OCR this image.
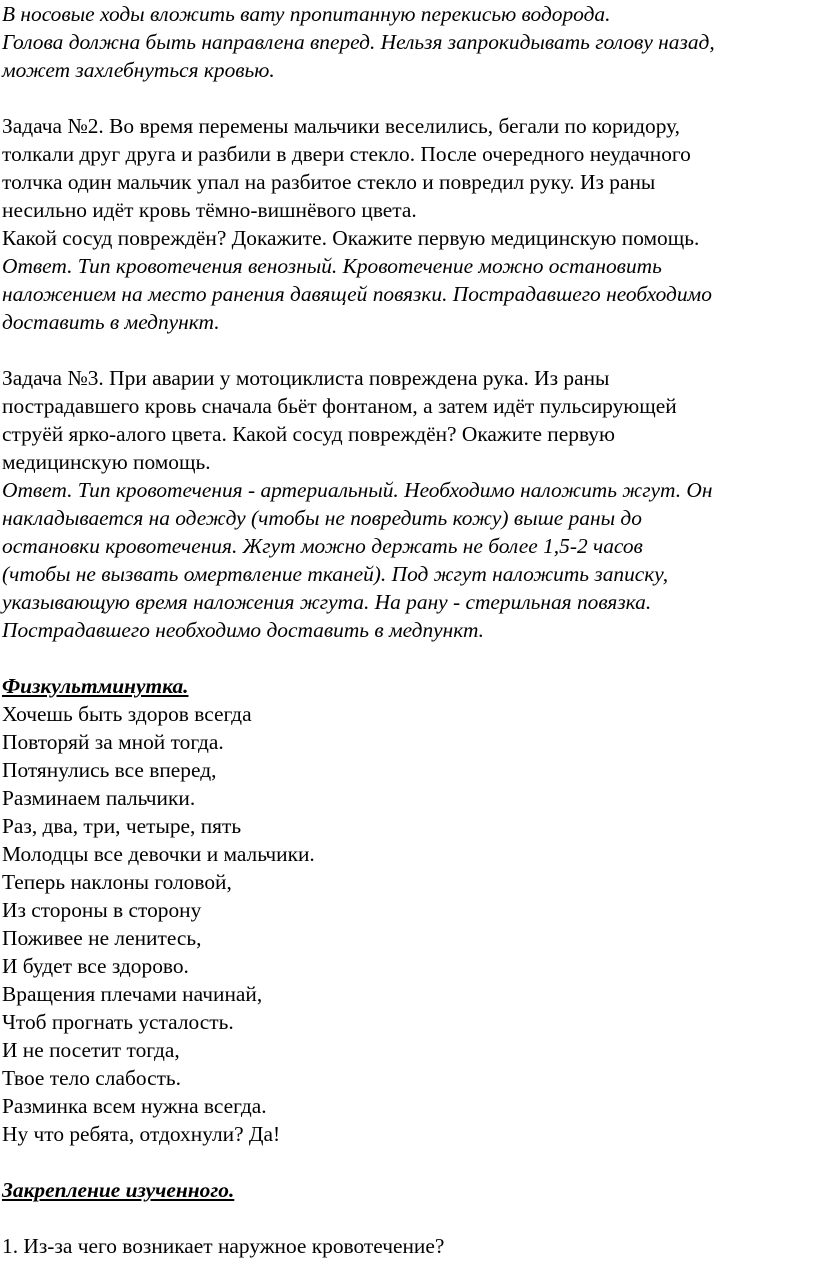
В носовые ходы вложить вату пропитанную перекисью водорода.
Голова должна быть направлена вперед. Нельзя запрокидывать голову назад,
может захлебнуться кровью.
Задача №2. Во время перемены мальчики веселились, бегали по коридору,
толкали друг друга и разбили в двери стекло. После очередного неудачного
толчка один мальчик упал на разбитое стекло и повредил руку. Из раны
несильно идёт кровь тёмно-вишнёвого цвета.
Какой сосуд повреждён? Докажите. Окажите первую медицинскую помощь.
Ответ. Тип кровотечения венозный. Кровотечение можно остановить
наложением на место ранения давящей повязки. Пострадавшего необходимо
доставить в медпункт.
Задача №3. При аварии у мотоциклиста повреждена рука. Из раны
пострадавшего кровь сначала бьёт фонтаном, а затем идёт пульсирующей
струёй ярко-алого цвета. Какой сосуд повреждён? Окажите первую
медицинскую помощь.
Ответ. Тип кровотечения - артериальный. Необходимо наложить жгут. Он
накладывается на одежду (чтобы не повредить кожу) выше раны до
остановки кровотечения. Жгут можно держать не более 1,5-2 часов
(чтобы не вызвать омертвление тканей). Под жгут наложить записку,
указывающую время наложения жгута. На рану - стерильная повязка.
Пострадавшего необходимо доставить в медпункт.
Физкультминутка.
Хочешь быть здоров всегда
Повторяй за мной тогда.
Потянулись все вперед,
Разминаем пальчики.
Раз, два, три, четыре, пять
Молодцы все девочки и мальчики.
Теперь наклоны головой,
Из стороны в сторону
Поживее не ленитесь,
И будет все здорово.
Вращения плечами начинай,
Чтоб прогнать усталость.
И не посетит тогда,
Твое тело слабость.
Разминка всем нужна всегда.
Ну что ребята, отдохнули? Да!
Закрепление изученного.
1. Из-за чего возникает наружное кровотечение?
